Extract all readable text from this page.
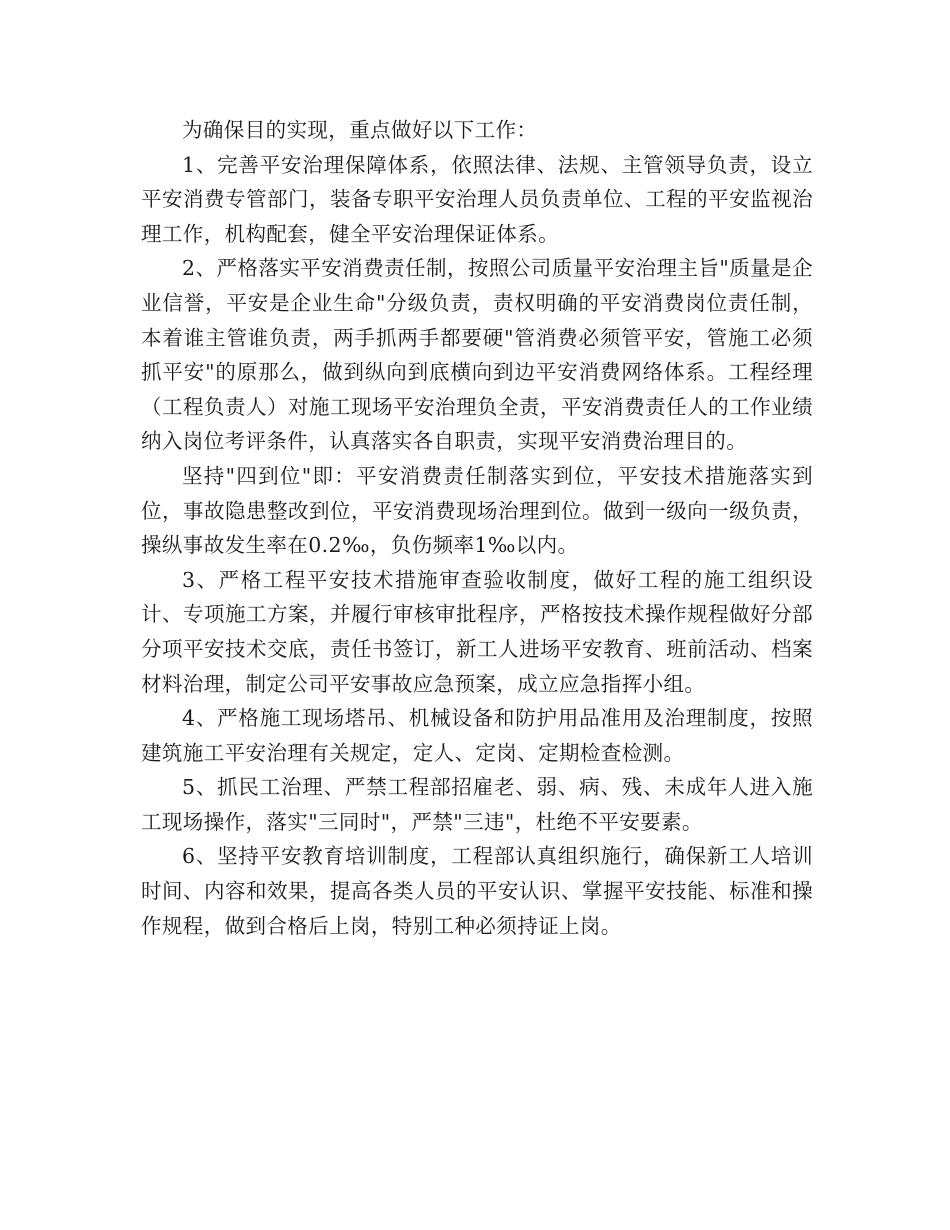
为确保目的实现，重点做好以下工作：

1、完善平安治理保障体系，依照法律、法规、主管领导负责，设立平安消费专管部门，装备专职平安治理人员负责单位、工程的平安监视治理工作，机构配套，健全平安治理保证体系。

2、严格落实平安消费责任制，按照公司质量平安治理主旨"质量是企业信誉，平安是企业生命"分级负责，责权明确的平安消费岗位责任制，本着谁主管谁负责，两手抓两手都要硬"管消费必须管平安，管施工必须抓平安"的原那么，做到纵向到底横向到边平安消费网络体系。工程经理（工程负责人）对施工现场平安治理负全责，平安消费责任人的工作业绩纳入岗位考评条件，认真落实各自职责，实现平安消费治理目的。

坚持"四到位"即：平安消费责任制落实到位，平安技术措施落实到位，事故隐患整改到位，平安消费现场治理到位。做到一级向一级负责，操纵事故发生率在0.2‰，负伤频率1‰以内。

3、严格工程平安技术措施审查验收制度，做好工程的施工组织设计、专项施工方案，并履行审核审批程序，严格按技术操作规程做好分部分项平安技术交底，责任书签订，新工人进场平安教育、班前活动、档案材料治理，制定公司平安事故应急预案，成立应急指挥小组。

4、严格施工现场塔吊、机械设备和防护用品准用及治理制度，按照建筑施工平安治理有关规定，定人、定岗、定期检查检测。

5、抓民工治理、严禁工程部招雇老、弱、病、残、未成年人进入施工现场操作，落实"三同时"，严禁"三违"，杜绝不平安要素。

6、坚持平安教育培训制度，工程部认真组织施行，确保新工人培训时间、内容和效果，提高各类人员的平安认识、掌握平安技能、标准和操作规程，做到合格后上岗，特别工种必须持证上岗。
